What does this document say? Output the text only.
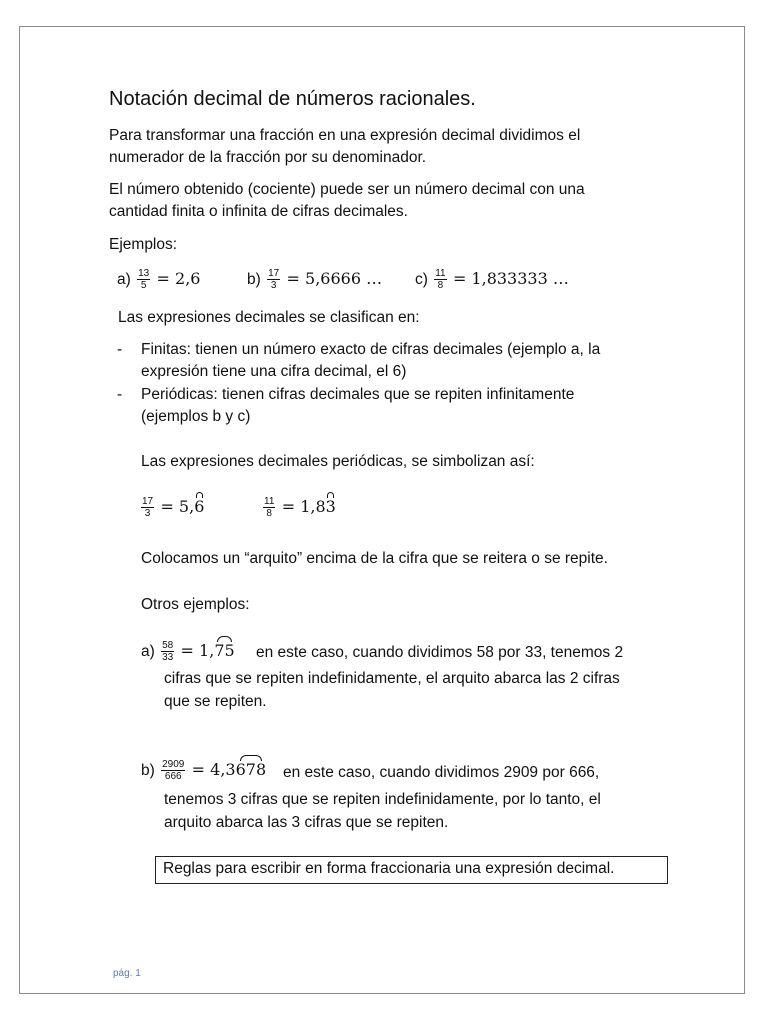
Notación decimal de números racionales.
Para transformar una fracción en una expresión decimal dividimos el
numerador de la fracción por su denominador.
El número obtenido (cociente) puede ser un número decimal con una
cantidad finita o infinita de cifras decimales.
Ejemplos:
$a) \frac{13}{5} = 2,6$	$b) \frac{17}{3} = 5,6666$ … $c) \frac{11}{8} = 1,833333$ …
Las expresiones decimales se clasifican en:
- Finitas: tienen un número exacto de cifras decimales (ejemplo a, la
expresión tiene una cifra decimal, el 6)
- Periódicas: tienen cifras decimales que se repiten infinitamente
(ejemplos b y c)
Las expresiones decimales periódicas, se simbolizan así:
$\frac{17}{3} = 5,6$	$\frac{11}{8} = 1,83$
Colocamos un “arquito” encima de la cifra que se reitera o se repite.
Otros ejemplos:
$a) \frac{58}{33} = 1,75$ en este caso, cuando dividimos 58 por 33, tenemos 2
cifras que se repiten indefinidamente, el arquito abarca las 2 cifras
que se repiten.
$b) \frac{2909}{666} = 4,3678$ en este caso, cuando dividimos 2909 por 666,
tenemos 3 cifras que se repiten indefinidamente, por lo tanto, el
arquito abarca las 3 cifras que se repiten.
Reglas para escribir en forma fraccionaria una expresión decimal.
pág. 1
